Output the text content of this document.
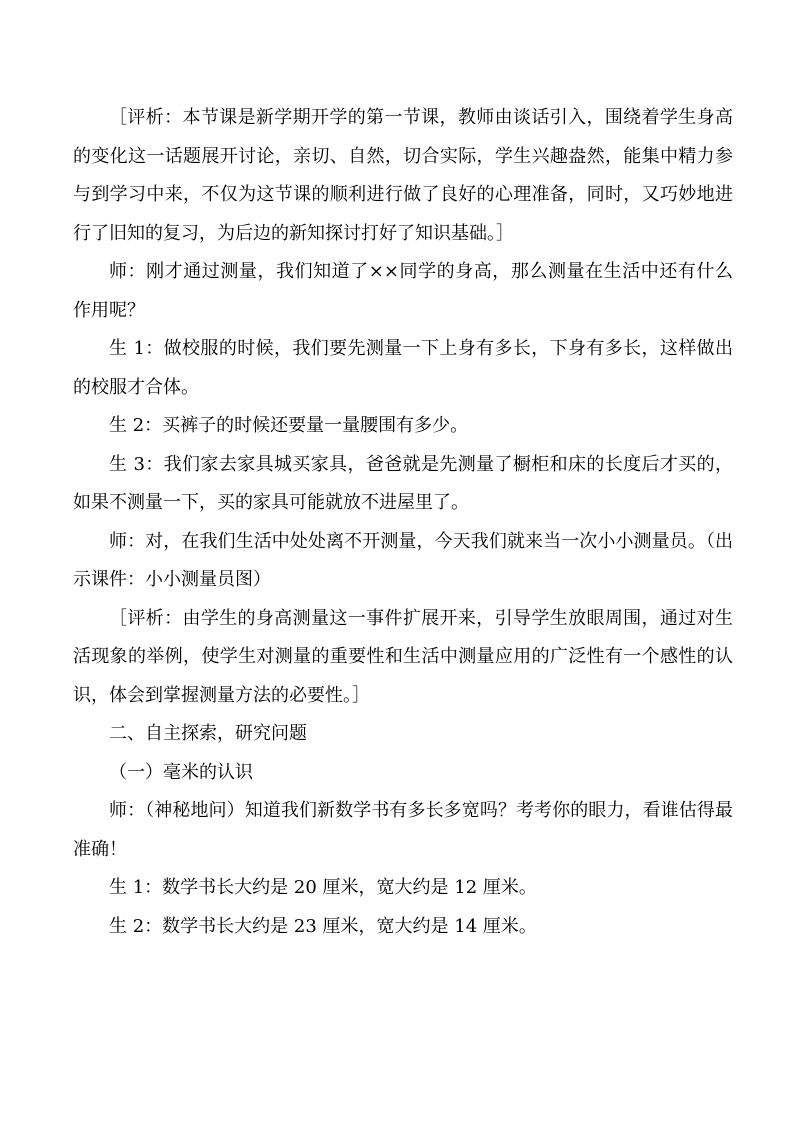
［评析：本节课是新学期开学的第一节课，教师由谈话引入，围绕着学生身高的变化这一话题展开讨论，亲切、自然，切合实际，学生兴趣盎然，能集中精力参与到学习中来，不仅为这节课的顺利进行做了良好的心理准备，同时，又巧妙地进行了旧知的复习，为后边的新知探讨打好了知识基础。］

师：刚才通过测量，我们知道了××同学的身高，那么测量在生活中还有什么作用呢？

生 1：做校服的时候，我们要先测量一下上身有多长，下身有多长，这样做出的校服才合体。

生 2：买裤子的时候还要量一量腰围有多少。

生 3：我们家去家具城买家具，爸爸就是先测量了橱柜和床的长度后才买的，如果不测量一下，买的家具可能就放不进屋里了。

师：对，在我们生活中处处离不开测量，今天我们就来当一次小小测量员。（出示课件：小小测量员图）

［评析：由学生的身高测量这一事件扩展开来，引导学生放眼周围，通过对生活现象的举例，使学生对测量的重要性和生活中测量应用的广泛性有一个感性的认识，体会到掌握测量方法的必要性。］

二、自主探索，研究问题

（一）毫米的认识

师：（神秘地问）知道我们新数学书有多长多宽吗？考考你的眼力，看谁估得最准确！

生 1：数学书长大约是 20 厘米，宽大约是 12 厘米。

生 2：数学书长大约是 23 厘米，宽大约是 14 厘米。
